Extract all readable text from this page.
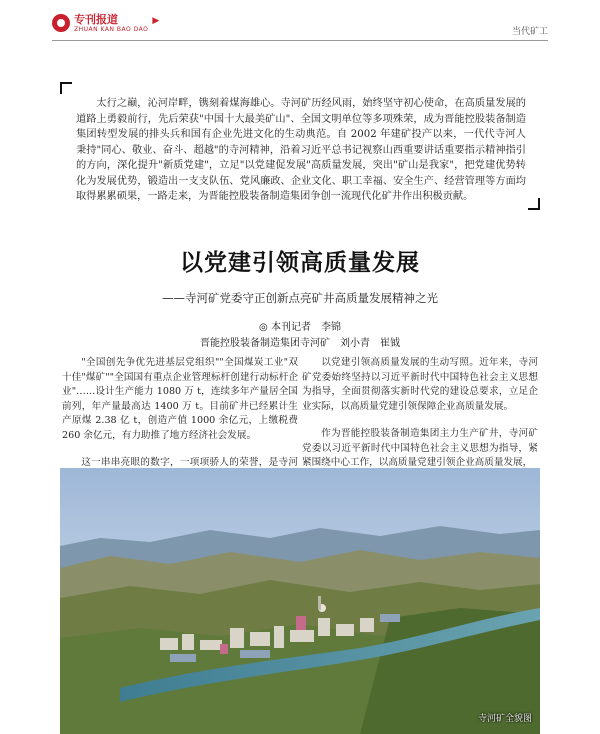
专刊报道
ZHUAN KAN BAO DAO
▶
当代矿工
太行之巅，沁河岸畔，镌刻着煤海雄心。寺河矿历经风雨，始终坚守初心使命，在高质量发展的道路上勇毅前行，先后荣获"中国十大最美矿山"、全国文明单位等多项殊荣，成为晋能控股装备制造集团转型发展的排头兵和国有企业先进文化的生动典范。自 2002 年建矿投产以来，一代代寺河人秉持"同心、敬业、奋斗、超越"的寺河精神，沿着习近平总书记视察山西重要讲话重要指示精神指引的方向，深化提升"新质党建"，立足"以党建促发展"高质量发展，突出"矿山是我家"，把党建优势转化为发展优势，锻造出一支支队伍、党风廉政、企业文化、职工幸福、安全生产、经营管理等方面均取得累累硕果，一路走来，为晋能控股装备制造集团争创一流现代化矿井作出积极贡献。
以党建引领高质量发展
——寺河矿党委守正创新点亮矿井高质量发展精神之光
◎ 本刊记者　李锦
晋能控股装备制造集团寺河矿　刘小青　崔钺

"全国创先争优先进基层党组织""全国煤炭工业"双十佳"煤矿""全国国有重点企业管理标杆创建行动标杆企业"……设计生产能力 1080 万 t，连续多年产量居全国前列，年产量最高达 1400 万 t。目前矿井已经累计生产原煤 2.38 亿 t，创造产值 1000 余亿元，上缴税费 260 余亿元，有力助推了地方经济社会发展。

这一串串亮眼的数字，一项项骄人的荣誉，是寺河

以党建引领高质量发展的生动写照。近年来，寺河矿党委始终坚持以习近平新时代中国特色社会主义思想为指导，全面贯彻落实新时代党的建设总要求，立足企业实际，以高质量党建引领保障企业高质量发展。

作为晋能控股装备制造集团主力生产矿井，寺河矿党委以习近平新时代中国特色社会主义思想为指导，紧紧围绕中心工作，以高质量党建引领企业高质量发展，

寺河矿全貌图
